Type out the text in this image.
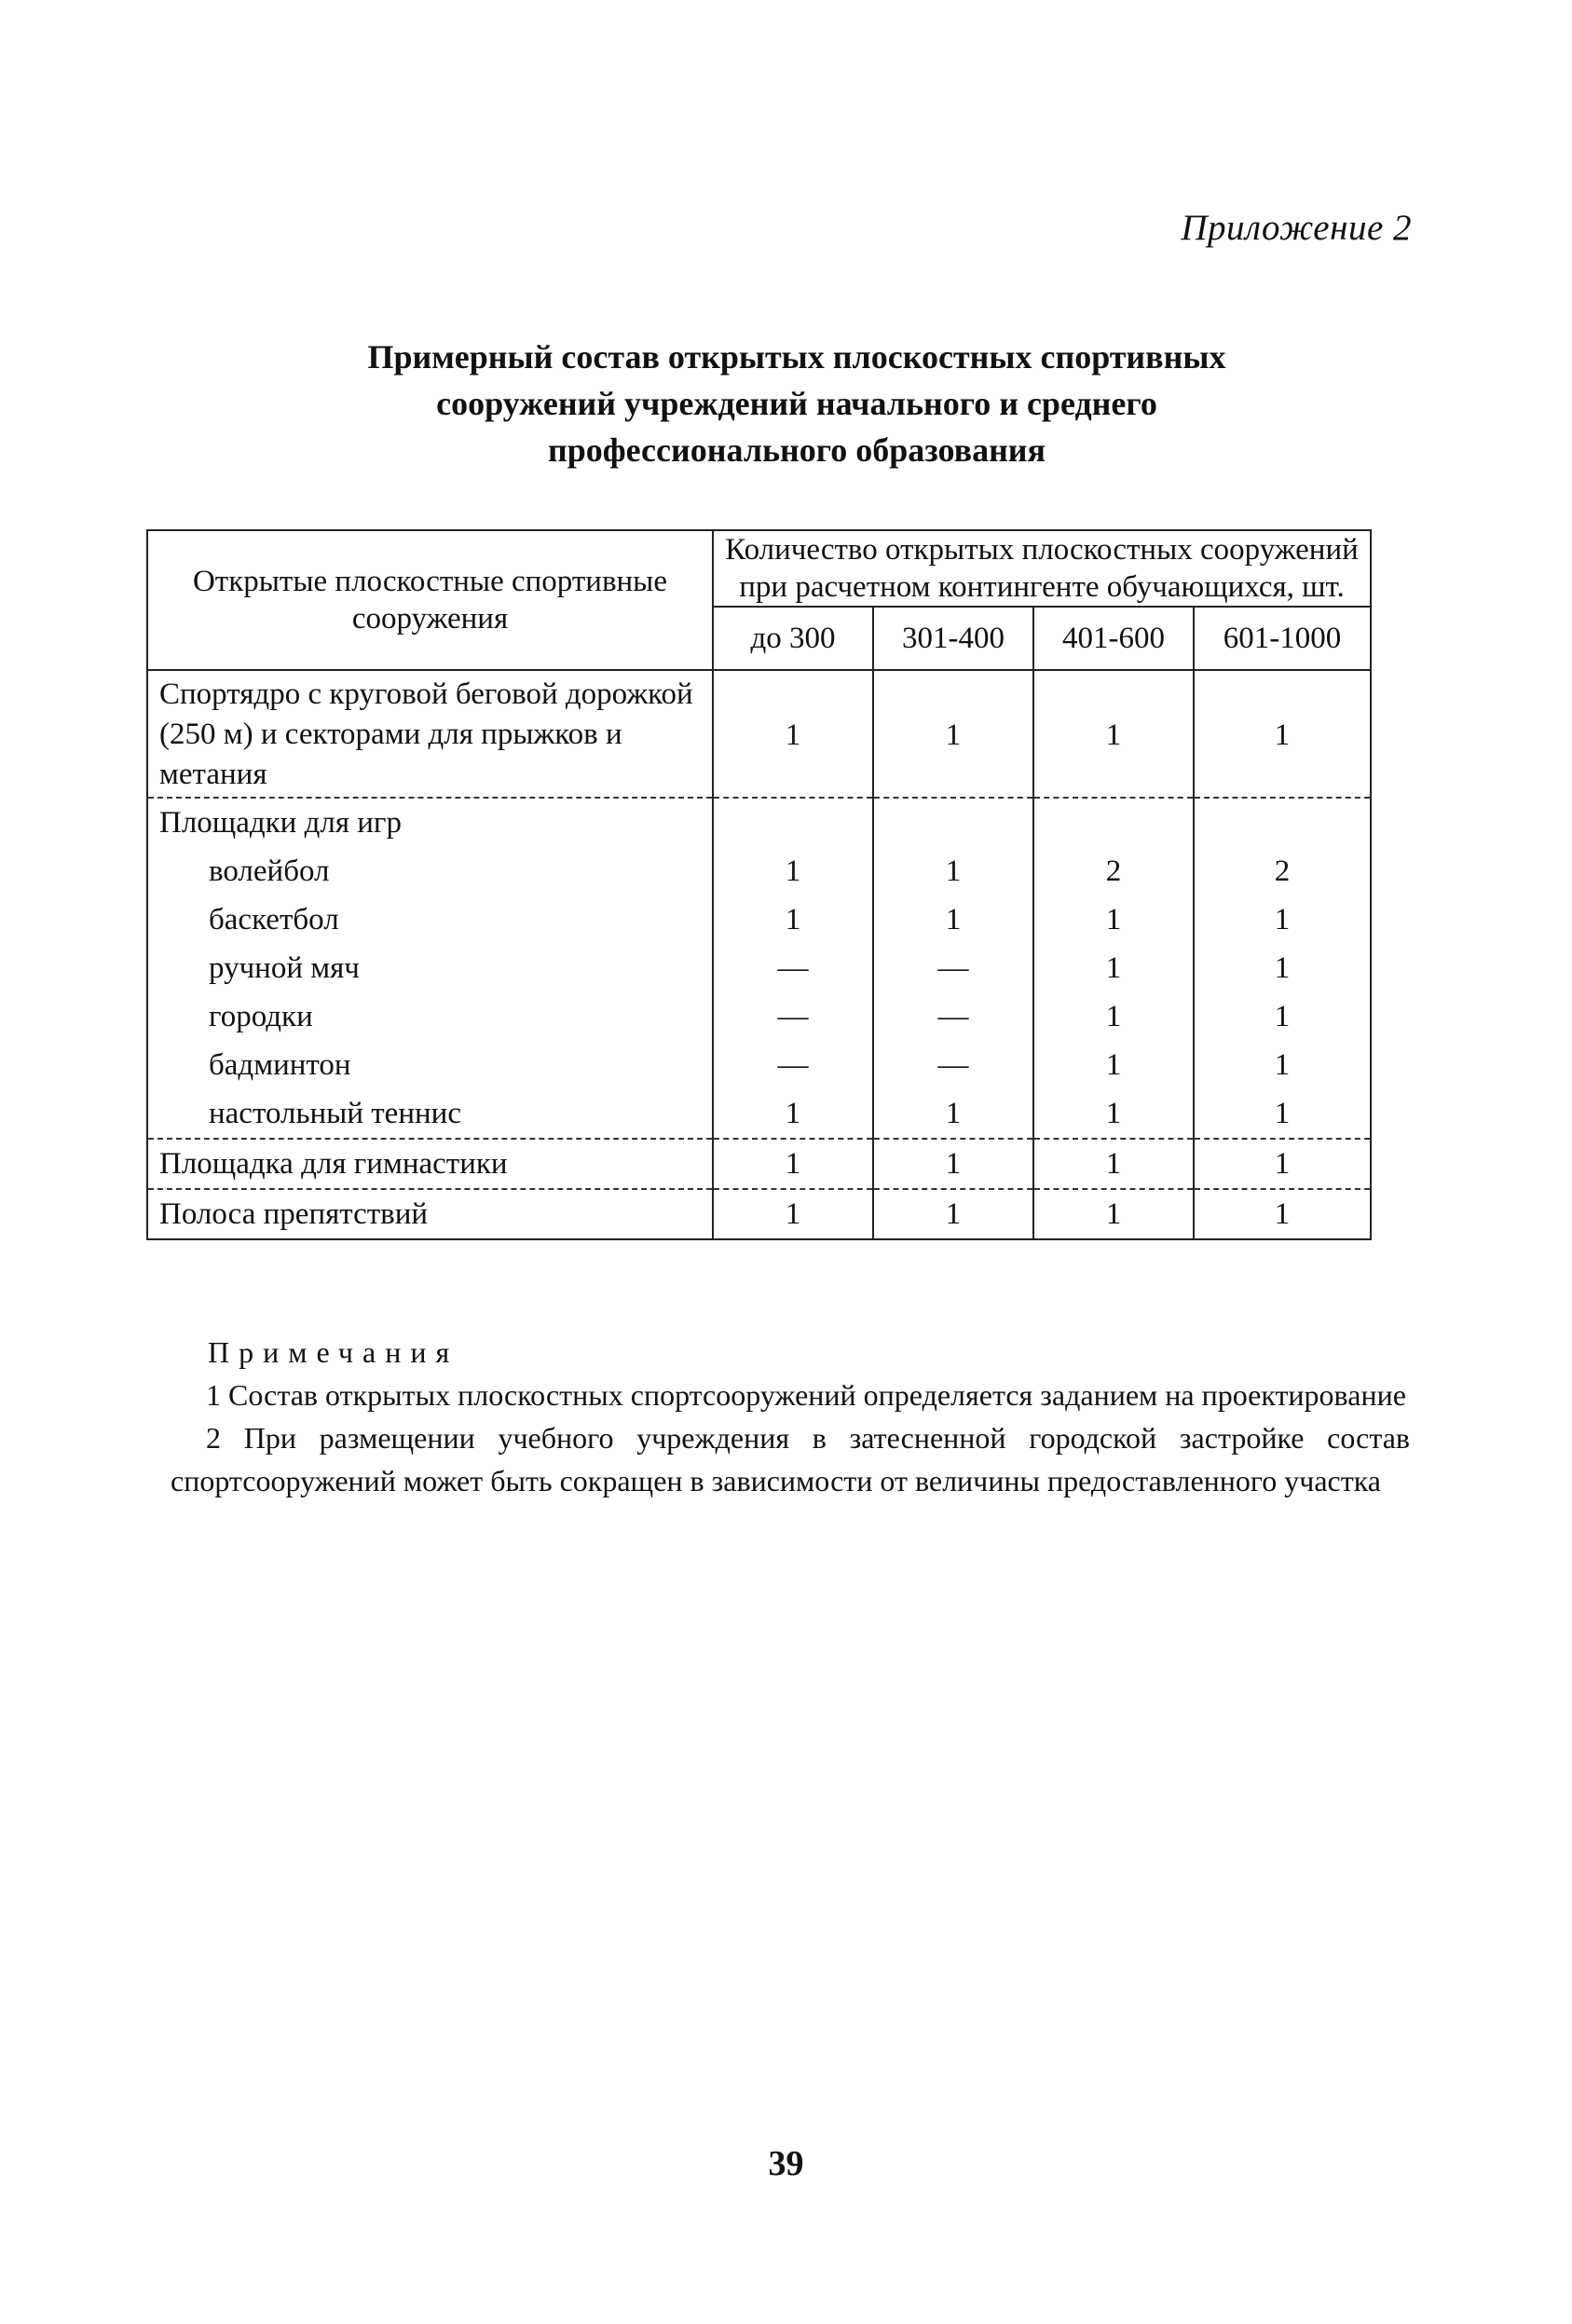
Приложение 2
Примерный состав открытых плоскостных спортивных
сооружений учреждений начального и среднего
профессионального образования
Открытые плоскостные спортивные сооружения	Количество открытых плоскостных сооружений при расчетном контингенте обучающихся, шт.			
	до 300	301-400	401-600	601-1000
Спортядро с круговой беговой дорожкой (250 м) и секторами для прыжков и метания	1	1	1	1
Площадки для игр				
волейбол	1	1	2	2
баскетбол	1	1	1	1
ручной мяч	—	—	1	1
городки	—	—	1	1
бадминтон	—	—	1	1
настольный теннис	1	1	1	1
Площадка для гимнастики	1	1	1	1
Полоса препятствий	1	1	1	1
Примечания
1 Состав открытых плоскостных спортсооружений определяется заданием на проектирование
2 При размещении учебного учреждения в затесненной городской застройке состав спортсооружений может быть сокращен в зависимости от величины предоставленного участка
39
